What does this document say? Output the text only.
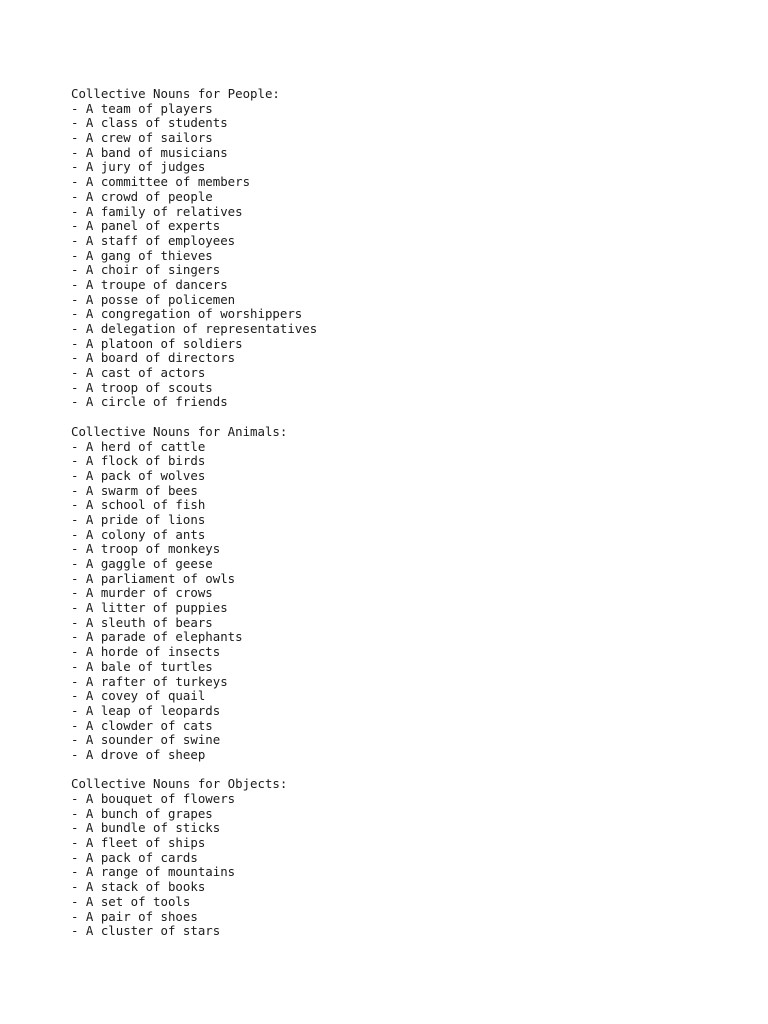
Collective Nouns for People:
- A team of players
- A class of students
- A crew of sailors
- A band of musicians
- A jury of judges
- A committee of members
- A crowd of people
- A family of relatives
- A panel of experts
- A staff of employees
- A gang of thieves
- A choir of singers
- A troupe of dancers
- A posse of policemen
- A congregation of worshippers
- A delegation of representatives
- A platoon of soldiers
- A board of directors
- A cast of actors
- A troop of scouts
- A circle of friends
Collective Nouns for Animals:
- A herd of cattle
- A flock of birds
- A pack of wolves
- A swarm of bees
- A school of fish
- A pride of lions
- A colony of ants
- A troop of monkeys
- A gaggle of geese
- A parliament of owls
- A murder of crows
- A litter of puppies
- A sleuth of bears
- A parade of elephants
- A horde of insects
- A bale of turtles
- A rafter of turkeys
- A covey of quail
- A leap of leopards
- A clowder of cats
- A sounder of swine
- A drove of sheep
Collective Nouns for Objects:
- A bouquet of flowers
- A bunch of grapes
- A bundle of sticks
- A fleet of ships
- A pack of cards
- A range of mountains
- A stack of books
- A set of tools
- A pair of shoes
- A cluster of stars
